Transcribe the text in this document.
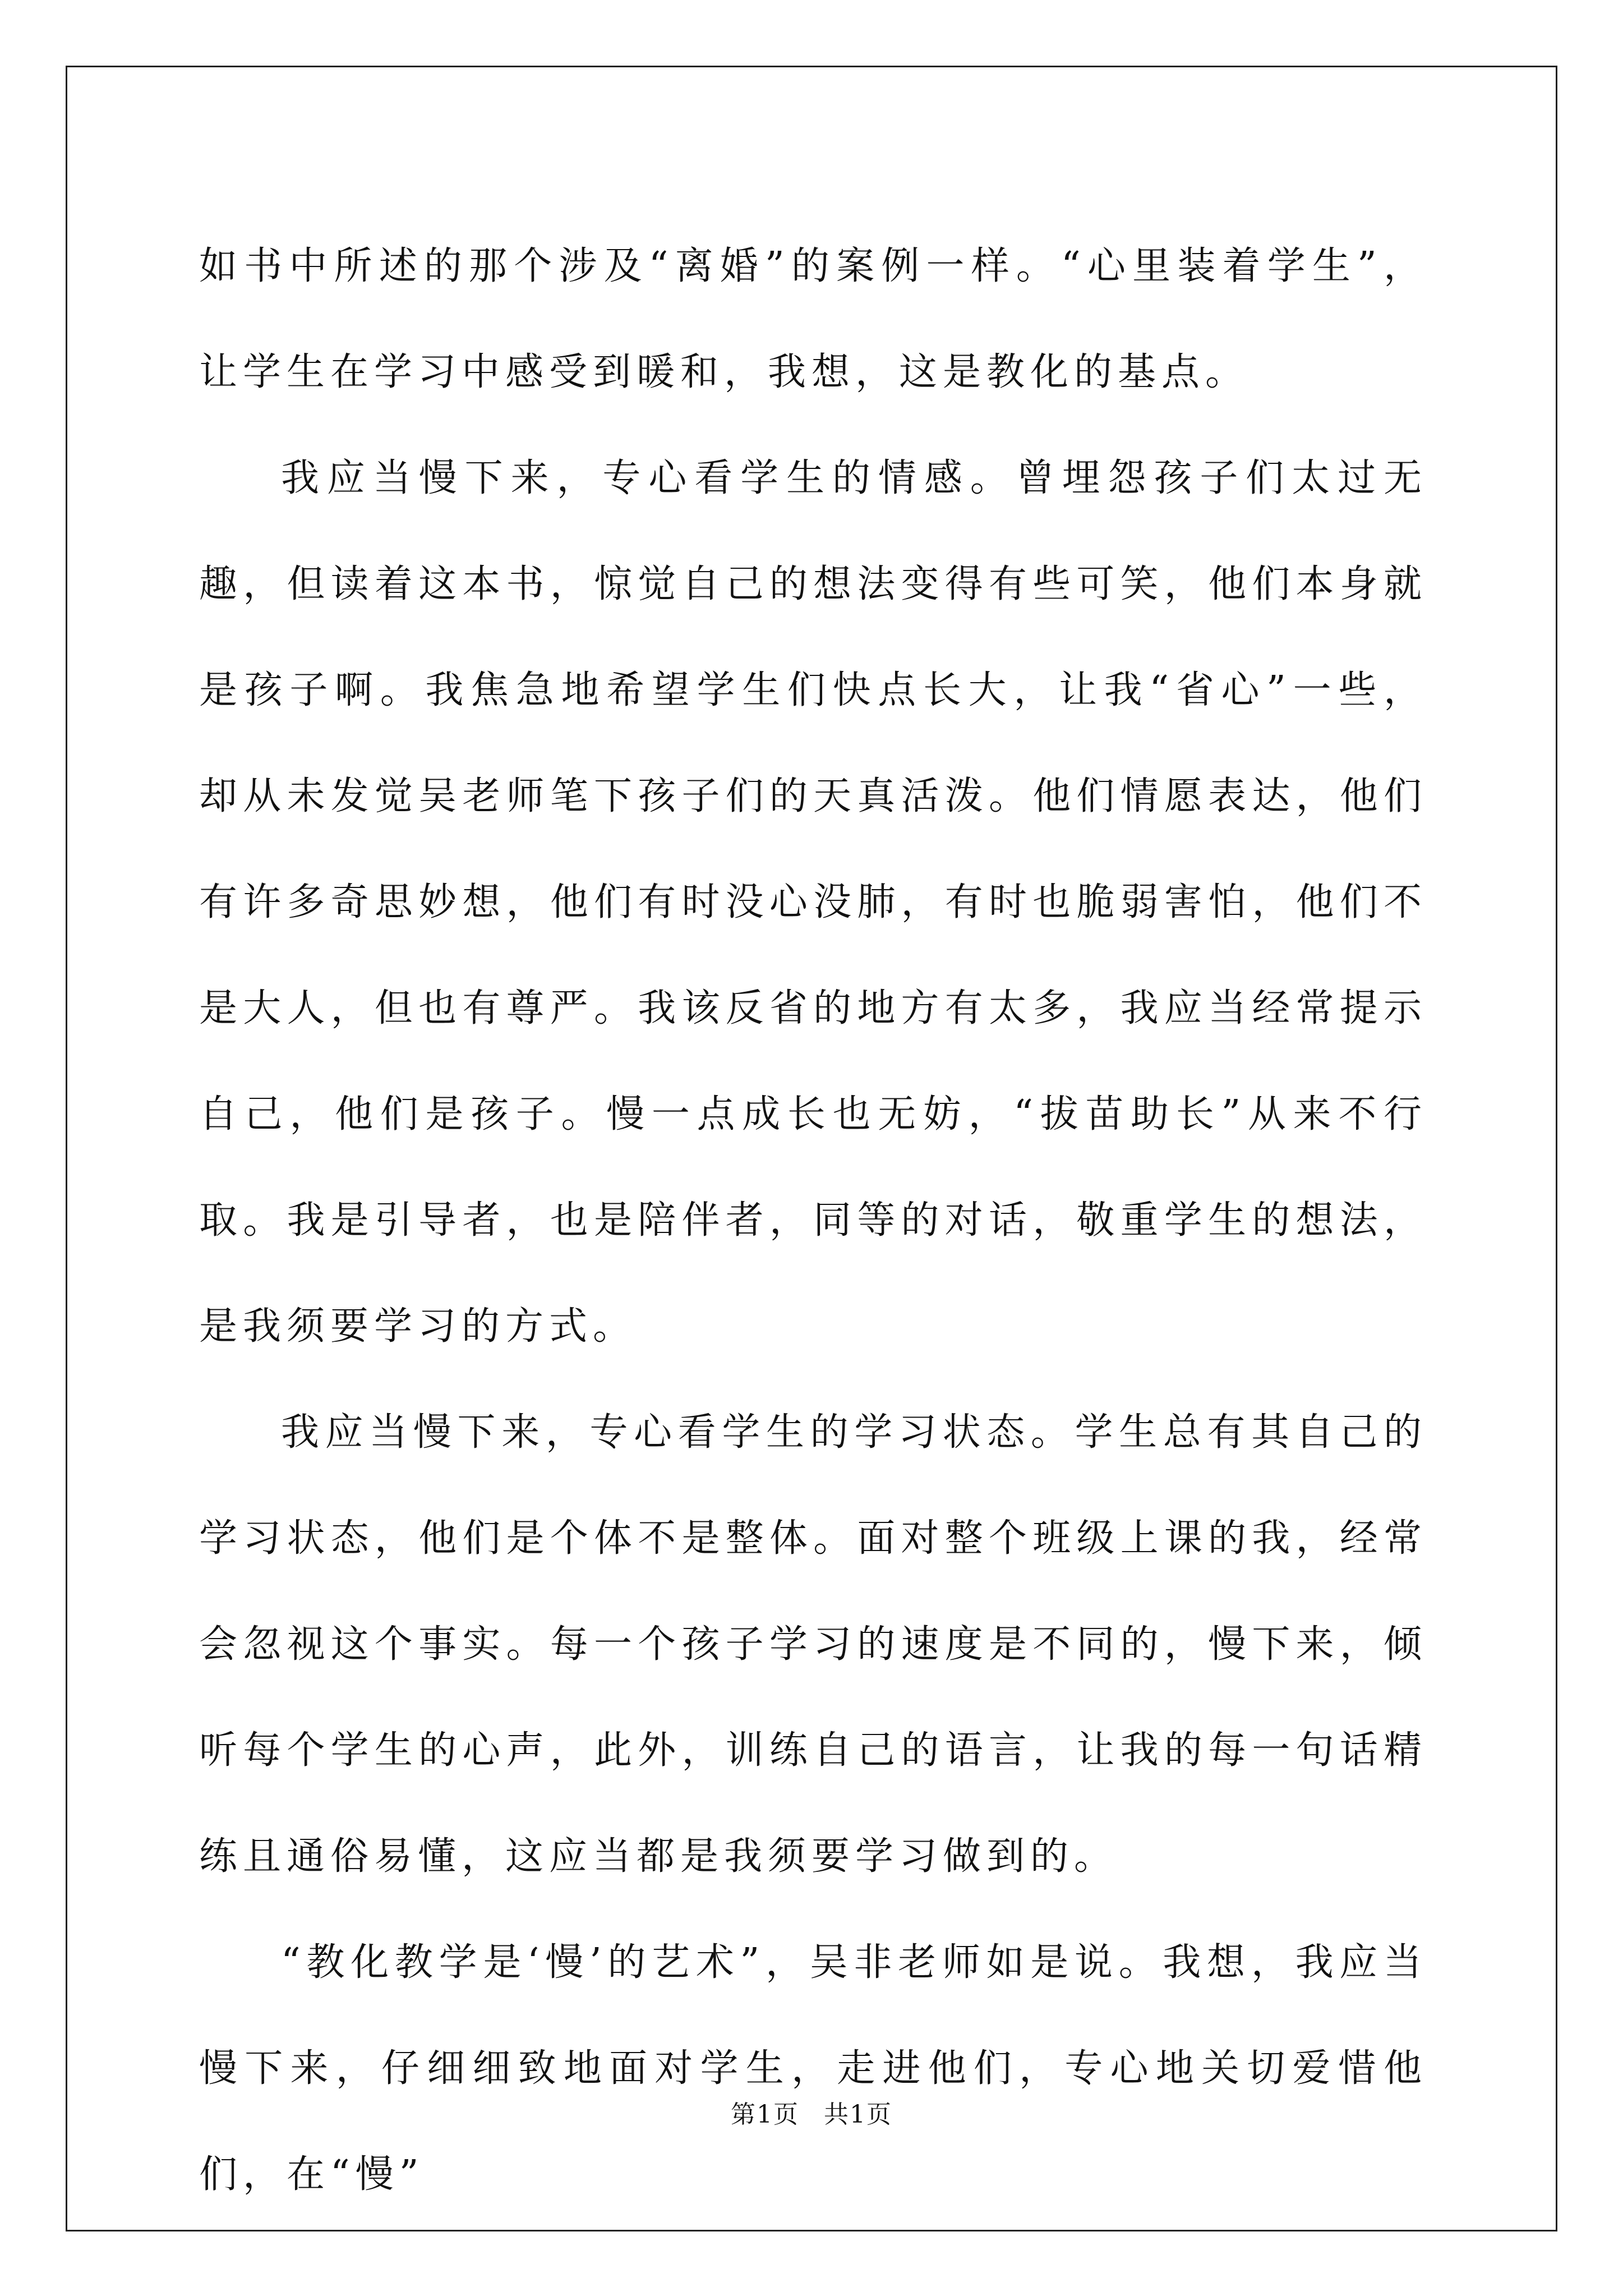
如书中所述的那个涉及“离婚”的案例一样。“心里装着学生”，让学生在学习中感受到暖和，我想，这是教化的基点。

我应当慢下来，专心看学生的情感。曾埋怨孩子们太过无趣，但读着这本书，惊觉自己的想法变得有些可笑，他们本身就是孩子啊。我焦急地希望学生们快点长大，让我“省心”一些，却从未发觉吴老师笔下孩子们的天真活泼。他们情愿表达，他们有许多奇思妙想，他们有时没心没肺，有时也脆弱害怕，他们不是大人，但也有尊严。我该反省的地方有太多，我应当经常提示自己，他们是孩子。慢一点成长也无妨，“拔苗助长”从来不行取。我是引导者，也是陪伴者，同等的对话，敬重学生的想法，是我须要学习的方式。

我应当慢下来，专心看学生的学习状态。学生总有其自己的学习状态，他们是个体不是整体。面对整个班级上课的我，经常会忽视这个事实。每一个孩子学习的速度是不同的，慢下来，倾听每个学生的心声，此外，训练自己的语言，让我的每一句话精练且通俗易懂，这应当都是我须要学习做到的。

“教化教学是‘慢’的艺术”，吴非老师如是说。我想，我应当慢下来，仔细细致地面对学生，走进他们，专心地关切爱惜他们，在“慢”

第1页 共1页
